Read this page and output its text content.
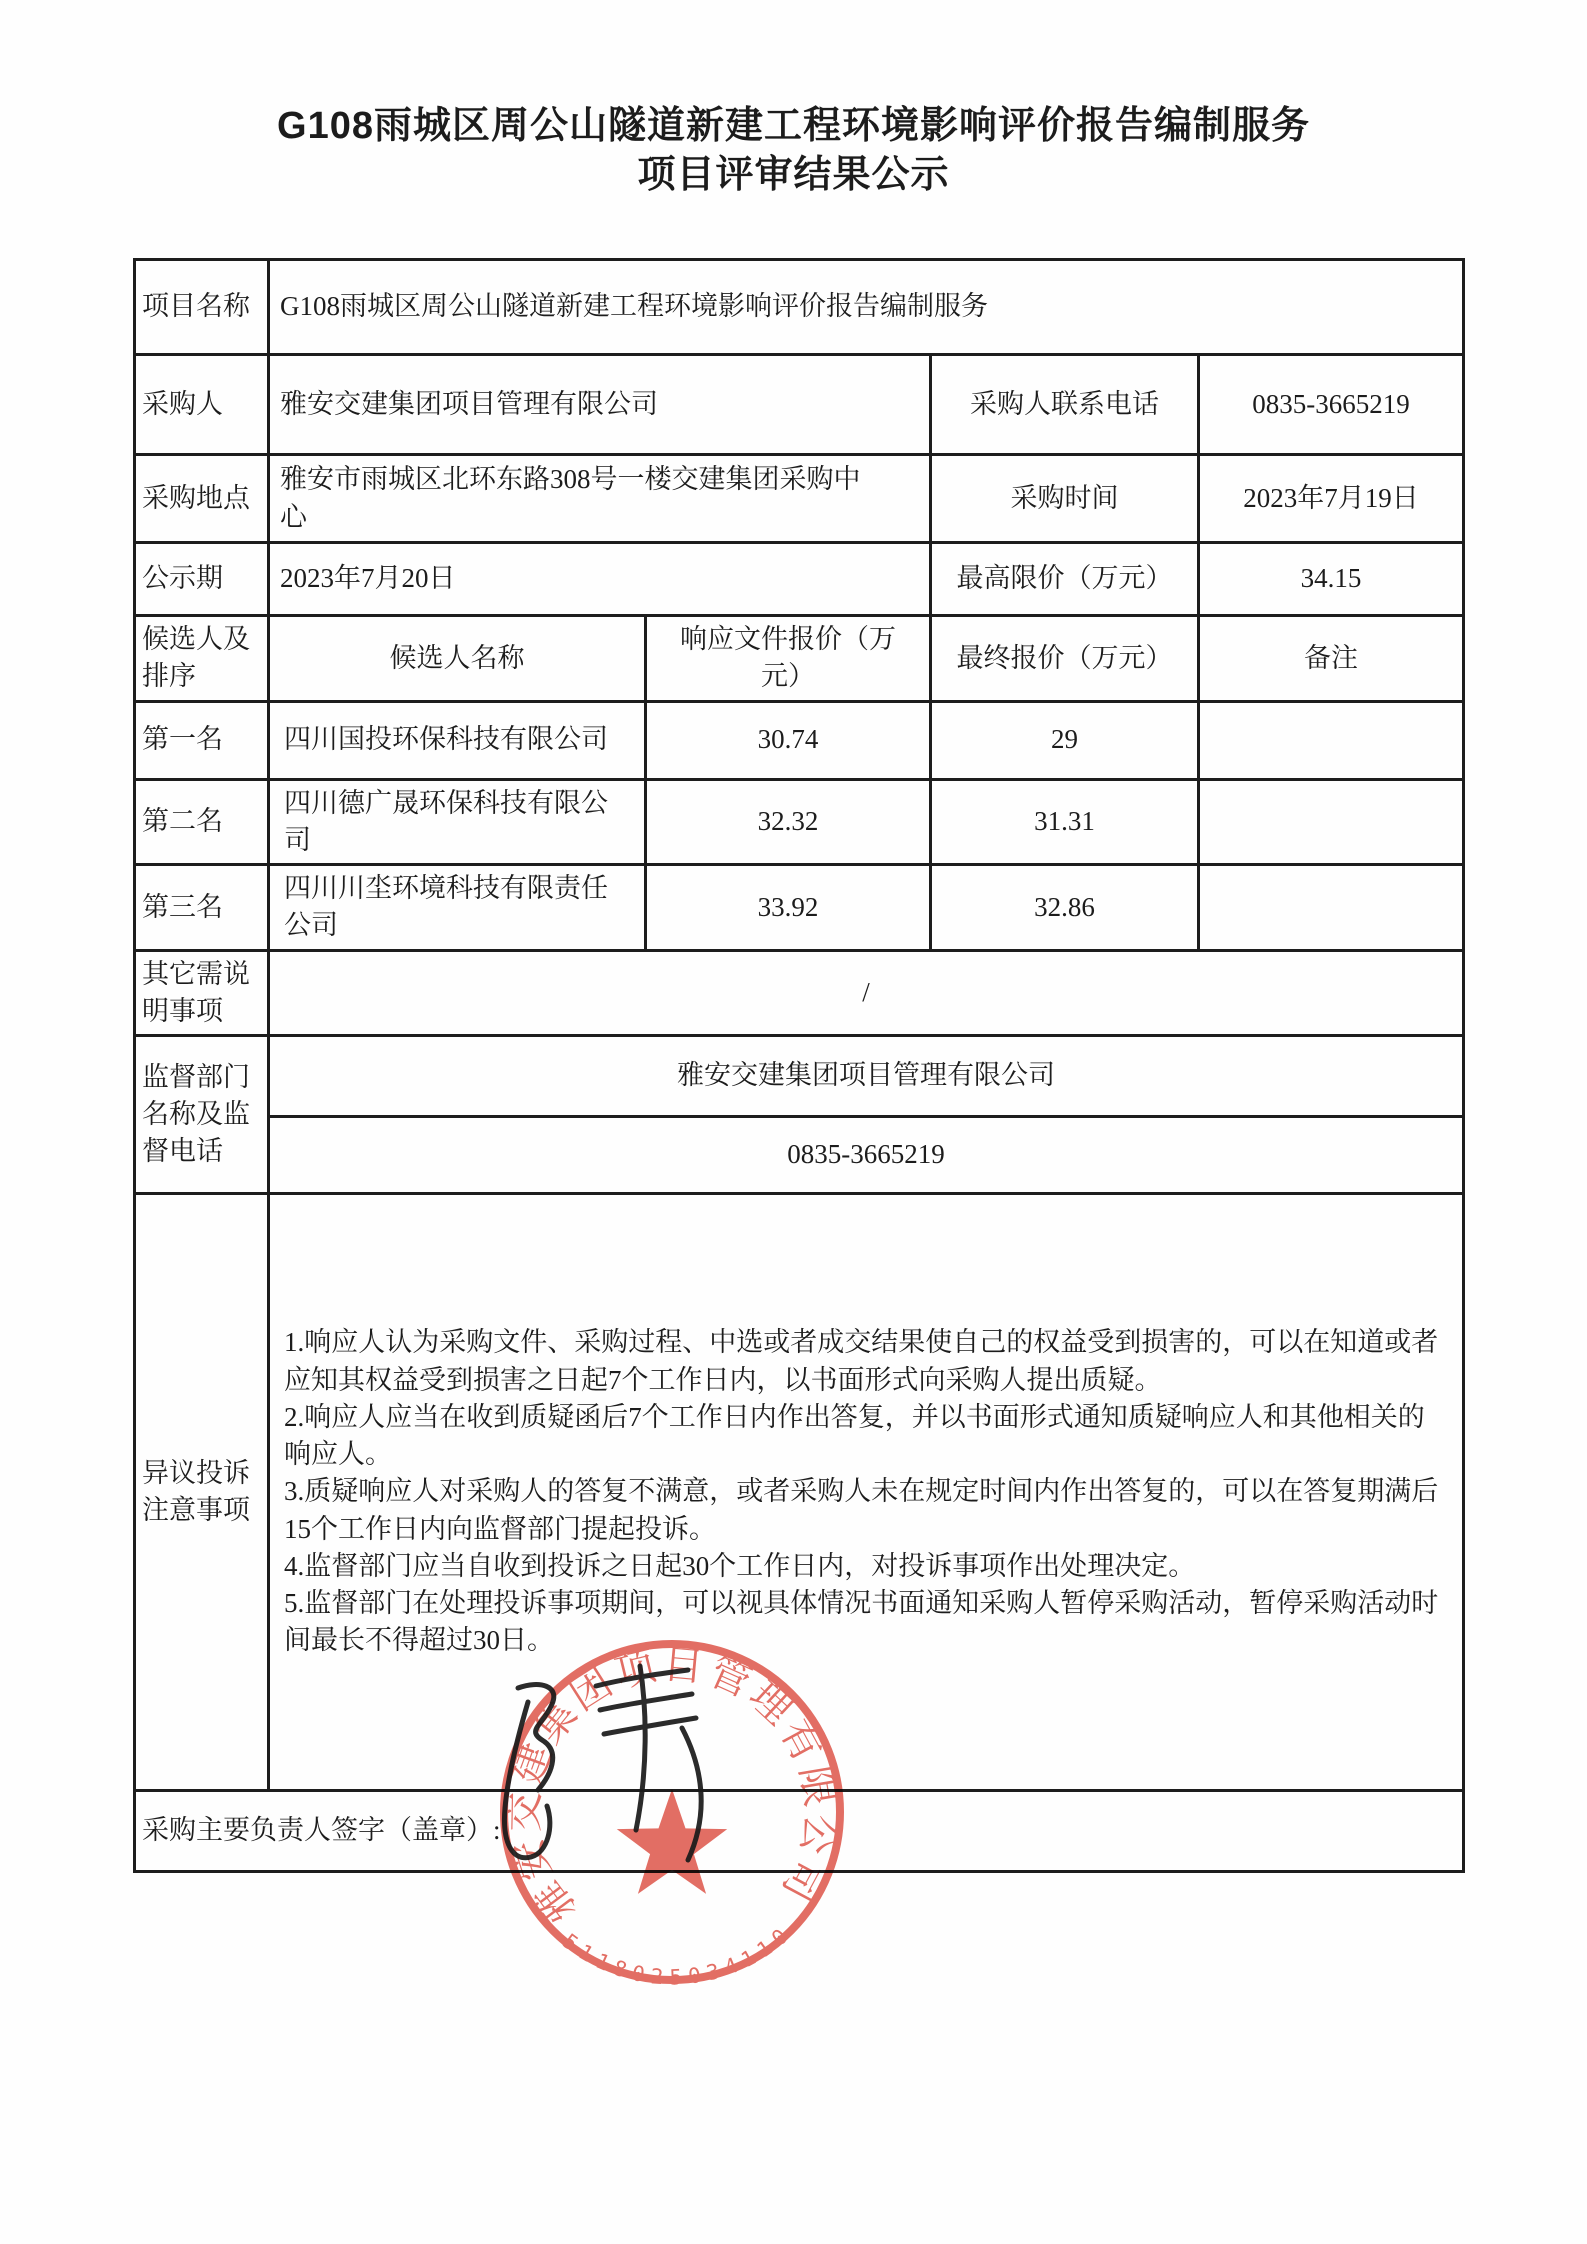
G108雨城区周公山隧道新建工程环境影响评价报告编制服务
项目评审结果公示
项目名称	G108雨城区周公山隧道新建工程环境影响评价报告编制服务			
采购人	雅安交建集团项目管理有限公司		采购人联系电话	0835-3665219
采购地点	雅安市雨城区北环东路308号一楼交建集团采购中心		采购时间	2023年7月19日
公示期	2023年7月20日		最高限价（万元）	34.15
候选人及排序	候选人名称	响应文件报价（万元）	最终报价（万元）	备注
第一名	四川国投环保科技有限公司	30.74	29	
第二名	四川德广晟环保科技有限公司	32.32	31.31	
第三名	四川川坔环境科技有限责任公司	33.92	32.86	
其它需说明事项	/			
监督部门名称及监督电话	雅安交建集团项目管理有限公司			
	0835-3665219			
异议投诉注意事项	1.响应人认为采购文件、采购过程、中选或者成交结果使自己的权益受到损害的，可以在知道或者应知其权益受到损害之日起7个工作日内，以书面形式向采购人提出质疑。

2.响应人应当在收到质疑函后7个工作日内作出答复，并以书面形式通知质疑响应人和其他相关的响应人。

3.质疑响应人对采购人的答复不满意，或者采购人未在规定时间内作出答复的，可以在答复期满后15个工作日内向监督部门提起投诉。

4.监督部门应当自收到投诉之日起30个工作日内，对投诉事项作出处理决定。

5.监督部门在处理投诉事项期间，可以视具体情况书面通知采购人暂停采购活动，暂停采购活动时间最长不得超过30日。			

采购主要负责人签字（盖章）:				
雅安交建集团项目管理有限公司
5118025034110
